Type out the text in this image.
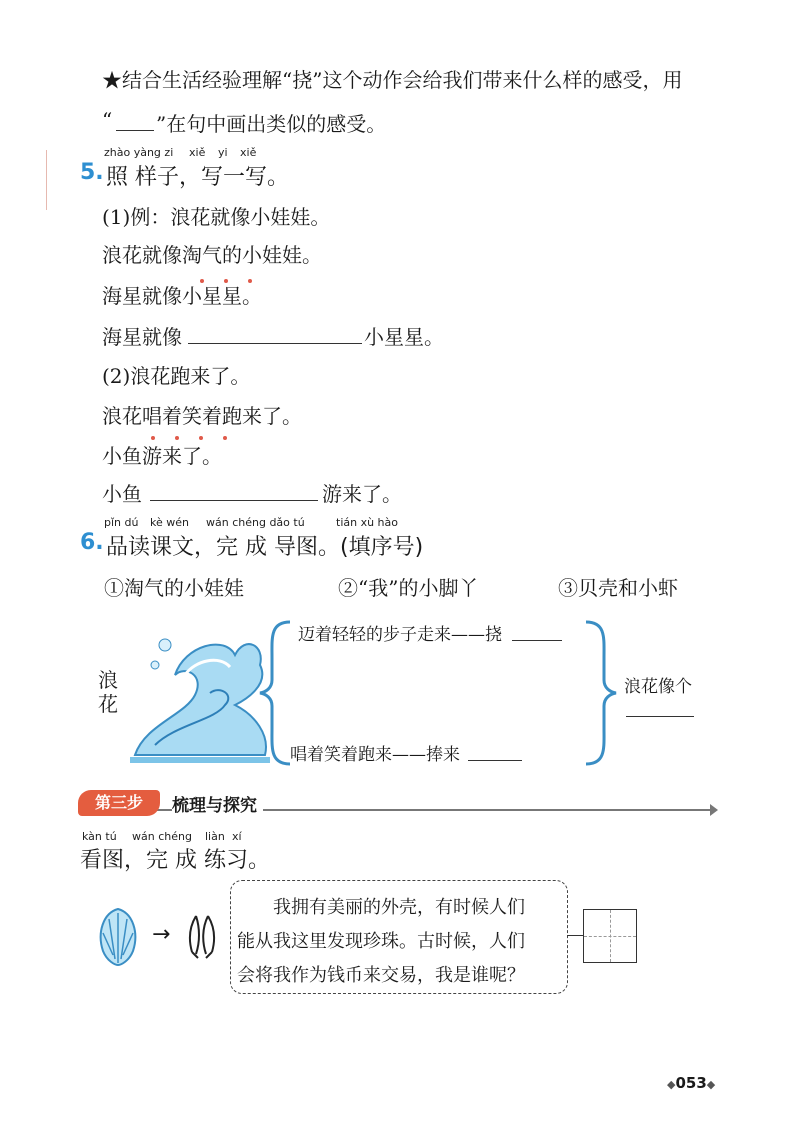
★结合生活经验理解“挠”这个动作会给我们带来什么样的感受，用
“ ”在句中画出类似的感受。
zhào yàng zi xiě yi xiě
5. 照 样子，写一写。
(1)例：浪花就像小娃娃。
浪花就像淘气的小娃娃。
海星就像小星星。
海星就像	小星星。
(2)浪花跑来了。
浪花唱着笑着跑来了。
小鱼游来了。
小鱼	游来了。
pǐn dú kè wén wán chéng dǎo tú	tián xù hào
6. 品读课文，完 成 导图。(填序号)
①淘气的小娃娃	②“我”的小脚丫	③贝壳和小虾
浪花
迈着轻轻的步子走来——挠
唱着笑着跑来——捧来
浪花像个
第三步	梳理与探究
kàn tú wán chéng liàn xí
看图，完 成 练习。
→
我拥有美丽的外壳，有时候人们
能从我这里发现珍珠。古时候，人们
会将我作为钱币来交易，我是谁呢？
◆053◆
